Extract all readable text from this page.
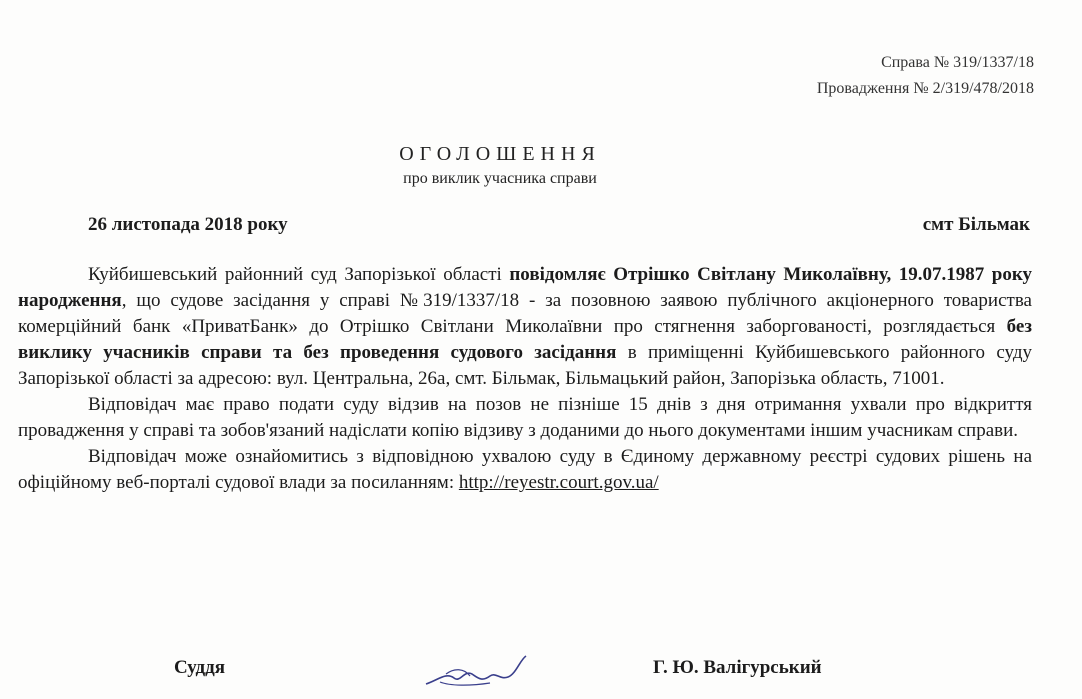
Справа № 319/1337/18
Провадження № 2/319/478/2018
ОГОЛОШЕННЯ
про виклик учасника справи
26 листопада 2018 року	смт Більмак

Куйбишевський районний суд Запорізької області повідомляє Отрішко Світлану Миколаївну, 19.07.1987 року народження, що судове засідання у справі №319/1337/18 - за позовною заявою публічного акціонерного товариства комерційний банк «ПриватБанк» до Отрішко Світлани Миколаївни про стягнення заборгованості, розглядається без виклику учасників справи та без проведення судового засідання в приміщенні Куйбишевського районного суду Запорізької області за адресою: вул. Центральна, 26а, смт. Більмак, Більмацький район, Запорізька область, 71001.

Відповідач має право подати суду відзив на позов не пізніше 15 днів з дня отримання ухвали про відкриття провадження у справі та зобов'язаний надіслати копію відзиву з доданими до нього документами іншим учасникам справи.

Відповідач може ознайомитись з відповідною ухвалою суду в Єдиному державному реєстрі судових рішень на офіційному веб-порталі судової влади за посиланням: http://reyestr.court.gov.ua/

Суддя	Г. Ю. Валігурський
